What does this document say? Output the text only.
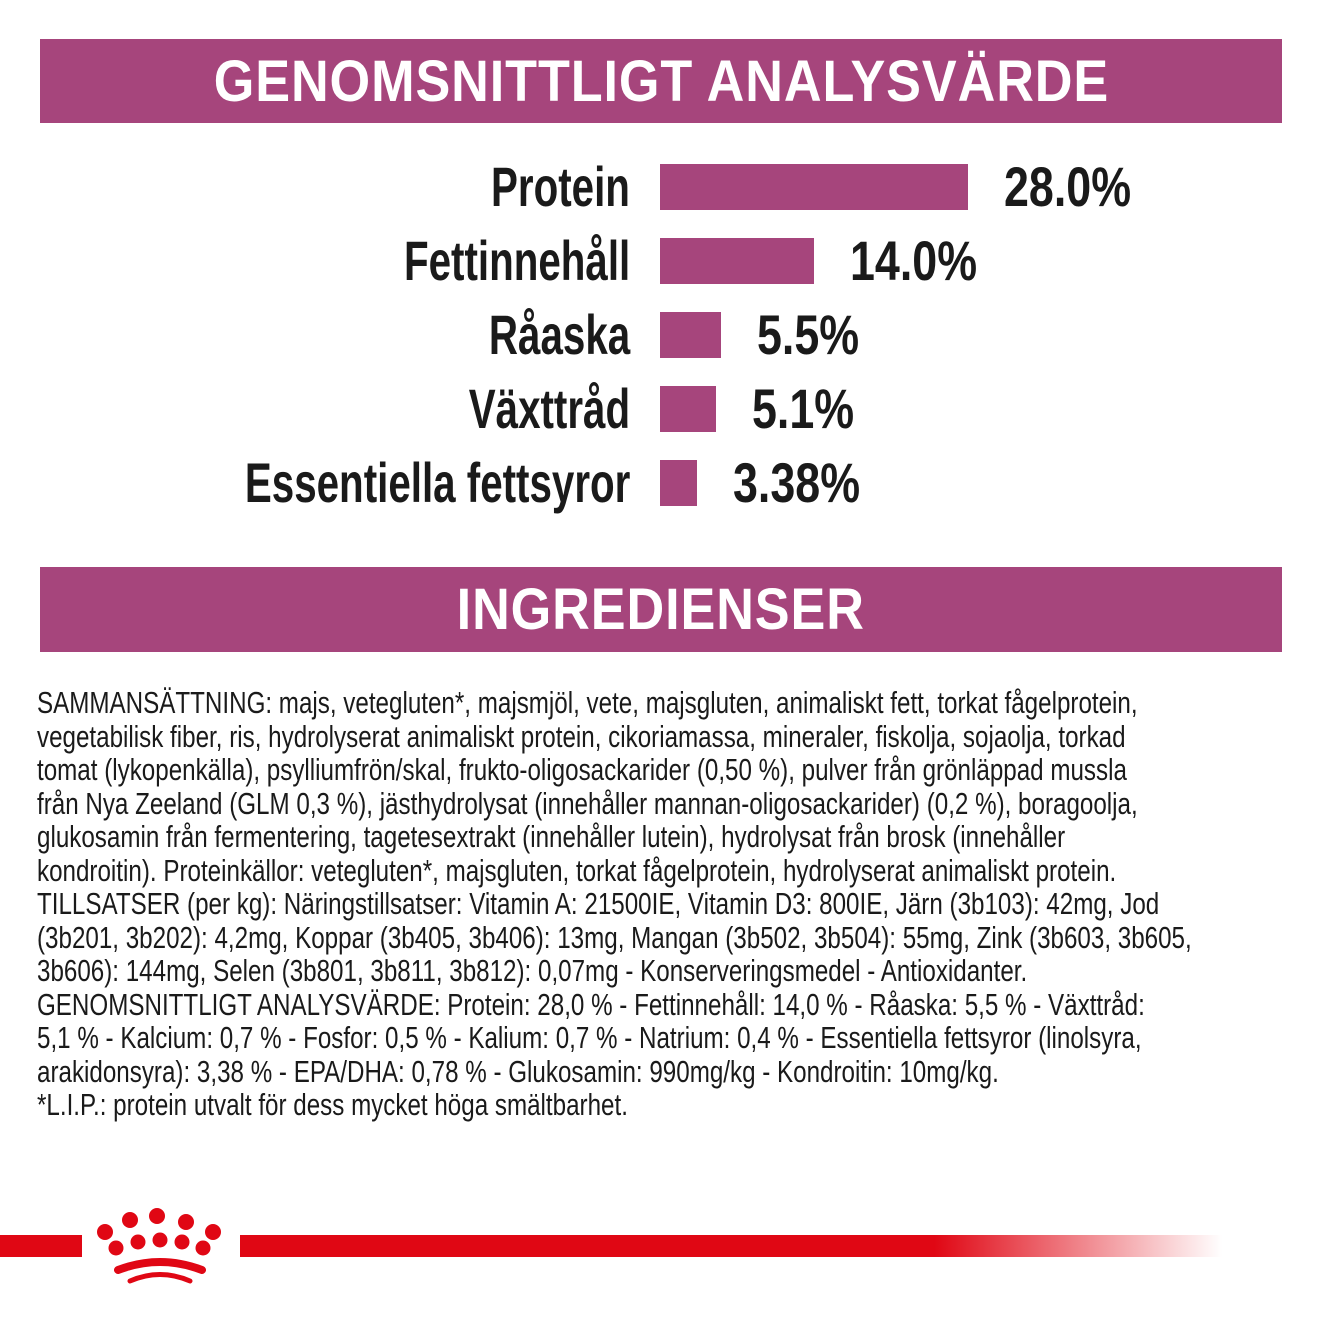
GENOMSNITTLIGT ANALYSVÄRDE
Protein	28.0%
Fettinnehåll	14.0%
Råaska 5.5%
Växttråd 5.1%
Essentiella fettsyror 3.38%
INGREDIENSER
SAMMANSÄTTNING: majs, vetegluten*, majsmjöl, vete, majsgluten, animaliskt fett, torkat fågelprotein,
vegetabilisk fiber, ris, hydrolyserat animaliskt protein, cikoriamassa, mineraler, fiskolja, sojaolja, torkad
tomat (lykopenkälla), psylliumfrön/skal, frukto-oligosackarider (0,50 %), pulver från grönläppad mussla
från Nya Zeeland (GLM 0,3 %), jästhydrolysat (innehåller mannan-oligosackarider) (0,2 %), boragoolja,
glukosamin från fermentering, tagetesextrakt (innehåller lutein), hydrolysat från brosk (innehåller
kondroitin). Proteinkällor: vetegluten*, majsgluten, torkat fågelprotein, hydrolyserat animaliskt protein.
TILLSATSER (per kg): Näringstillsatser: Vitamin A: 21500IE, Vitamin D3: 800IE, Järn (3b103): 42mg, Jod
(3b201, 3b202): 4,2mg, Koppar (3b405, 3b406): 13mg, Mangan (3b502, 3b504): 55mg, Zink (3b603, 3b605,
3b606): 144mg, Selen (3b801, 3b811, 3b812): 0,07mg - Konserveringsmedel - Antioxidanter.
GENOMSNITTLIGT ANALYSVÄRDE: Protein: 28,0 % - Fettinnehåll: 14,0 % - Råaska: 5,5 % - Växttråd:
5,1 % - Kalcium: 0,7 % - Fosfor: 0,5 % - Kalium: 0,7 % - Natrium: 0,4 % - Essentiella fettsyror (linolsyra,
arakidonsyra): 3,38 % - EPA/DHA: 0,78 % - Glukosamin: 990mg/kg - Kondroitin: 10mg/kg.
*L.I.P.: protein utvalt för dess mycket höga smältbarhet.
